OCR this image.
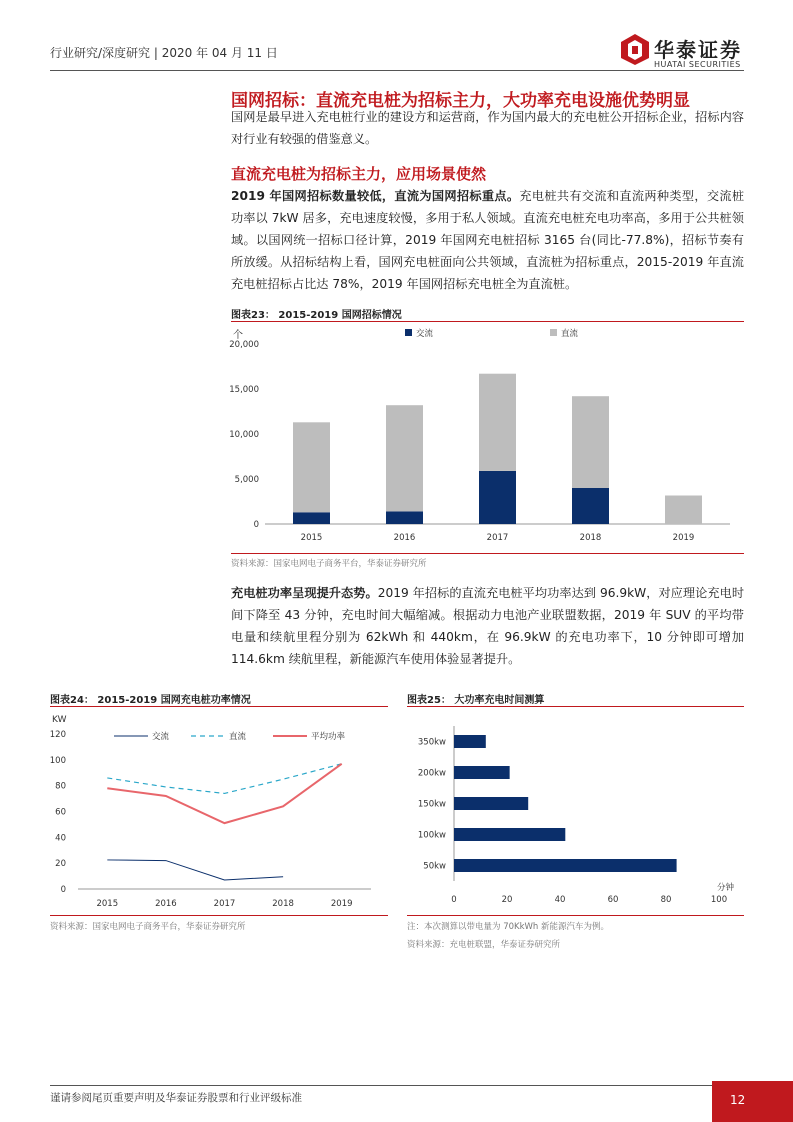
行业研究/深度研究 | 2020 年 04 月 11 日	华泰证券
HUATAI SECURITIES
国网招标：直流充电桩为招标主力，大功率充电设施优势明显
国网是最早进入充电桩行业的建设方和运营商，作为国内最大的充电桩公开招标企业，招标内容对行业有较强的借鉴意义。
直流充电桩为招标主力，应用场景使然
2019 年国网招标数量较低，直流为国网招标重点。充电桩共有交流和直流两种类型，交流桩功率以 7kW 居多，充电速度较慢，多用于私人领域。直流充电桩充电功率高，多用于公共桩领域。以国网统一招标口径计算，2019 年国网充电桩招标 3165 台(同比-77.8%)，招标节奏有所放缓。从招标结构上看，国网充电桩面向公共领域，直流桩为招标重点，2015-2019 年直流充电桩招标占比达 78%，2019 年国网招标充电桩全为直流桩。
图表23： 2015-2019 国网招标情况
个
0
5,000
10,000
15,000
20,000
2015	2016	2017	2018	2019
交流	直流
资料来源：国家电网电子商务平台，华泰证券研究所
充电桩功率呈现提升态势。2019 年招标的直流充电桩平均功率达到 96.9kW，对应理论充电时间下降至 43 分钟，充电时间大幅缩减。根据动力电池产业联盟数据，2019 年 SUV 的平均带电量和续航里程分别为 62kWh 和 440km，在 96.9kW 的充电功率下，10 分钟即可增加 114.6km 续航里程，新能源汽车使用体验显著提升。
图表24： 2015-2019 国网充电桩功率情况
KW
0
20
40
60
80
100
120
2015	2016	2017	2018	2019
交流	直流	平均功率
资料来源：国家电网电子商务平台，华泰证券研究所
图表25： 大功率充电时间测算
350kw
200kw
150kw
100kw
50kw
0	20	40	60	80	100
分钟
注：本次测算以带电量为 70KkWh 新能源汽车为例。
资料来源：充电桩联盟，华泰证券研究所
谨请参阅尾页重要声明及华泰证券股票和行业评级标准	12
